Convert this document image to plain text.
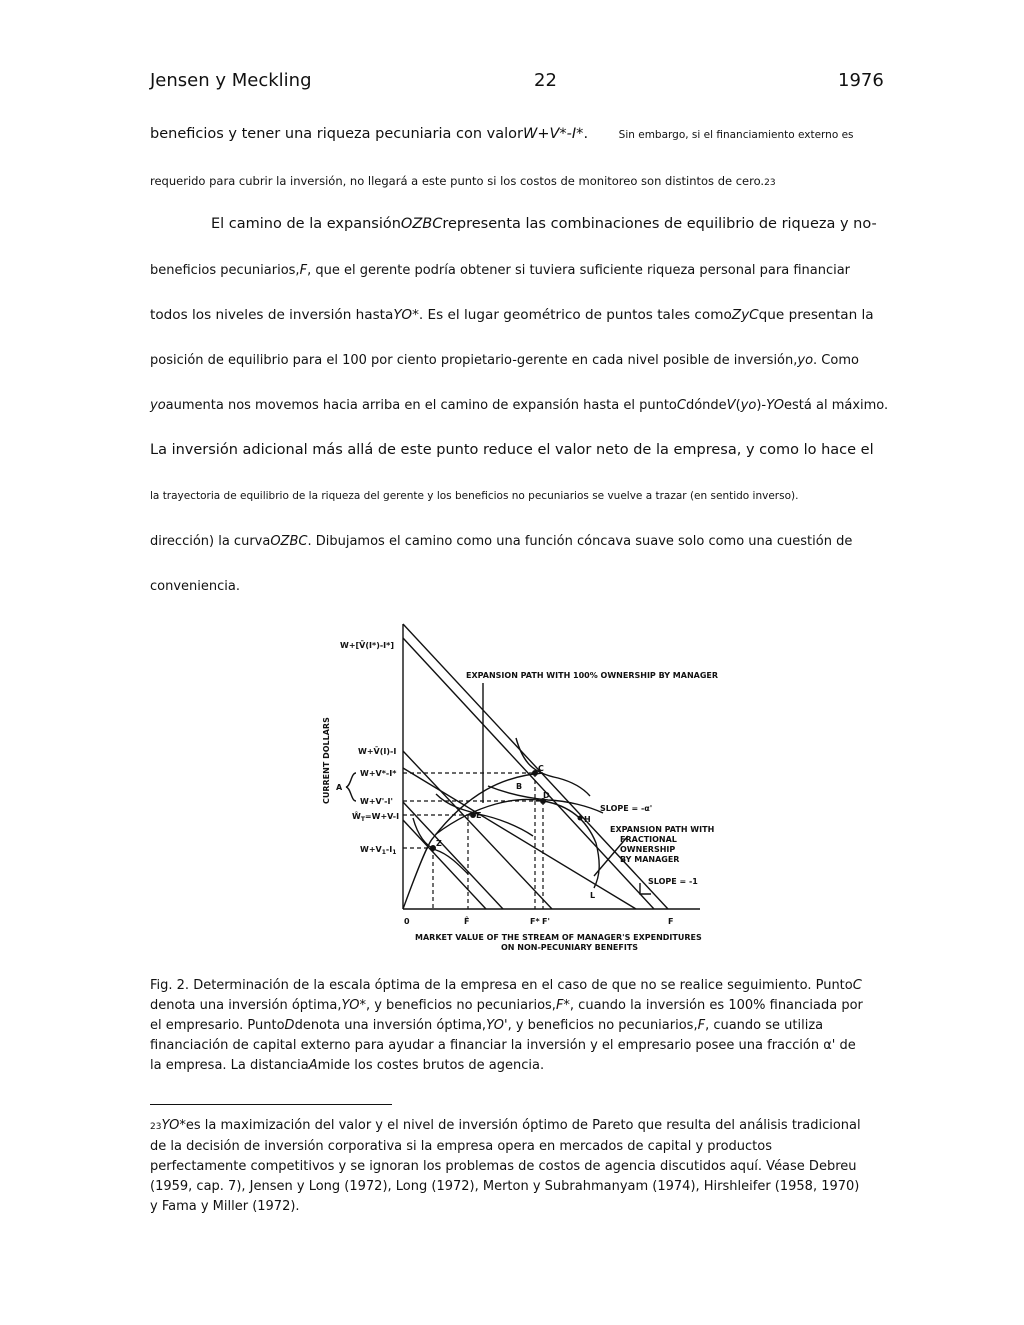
Jensen y Meckling	22	1976
beneficios y tener una riqueza pecuniaria con valorW+V*-I*.	Sin embargo, si el financiamiento externo es
requerido para cubrir la inversión, no llegará a este punto si los costos de monitoreo son distintos de cero.23
El camino de la expansiónOZBCrepresenta las combinaciones de equilibrio de riqueza y no-
beneficios pecuniarios,F, que el gerente podría obtener si tuviera suficiente riqueza personal para financiar
todos los niveles de inversión hastaYO*. Es el lugar geométrico de puntos tales comoZyCque presentan la
posición de equilibrio para el 100 por ciento propietario-gerente en cada nivel posible de inversión,yo. Como
yoaumenta nos movemos hacia arriba en el camino de expansión hasta el puntoCdóndeV(yo)-YOestá al máximo.
La inversión adicional más allá de este punto reduce el valor neto de la empresa, y como lo hace el
la trayectoria de equilibrio de la riqueza del gerente y los beneficios no pecuniarios se vuelve a trazar (en sentido inverso).
dirección) la curvaOZBC. Dibujamos el camino como una función cóncava suave solo como una cuestión de
conveniencia.
W+[V̄(I*)-I*]
W+V̄(I)-I
W+V*-I*
W+V'-I'
$Ŵ_T=W+V-I$
$W+V_1-I_1$
A
0	F̂	F* F'	F
C
B
D
E
Z
H
L
EXPANSION PATH WITH 100% OWNERSHIP BY MANAGER
SLOPE = -α'
EXPANSION PATH WITH
FRACTIONAL
OWNERSHIP
BY MANAGER
SLOPE = -1
MARKET VALUE OF THE STREAM OF MANAGER'S EXPENDITURES
ON NON-PECUNIARY BENEFITS
CURRENT DOLLARS
Fig. 2. Determinación de la escala óptima de la empresa en el caso de que no se realice seguimiento. PuntoC denota una inversión óptima,YO*, y beneficios no pecuniarios,F*, cuando la inversión es 100% financiada por el empresario. PuntoDdenota una inversión óptima,YO', y beneficios no pecuniarios,F, cuando se utiliza financiación de capital externo para ayudar a financiar la inversión y el empresario posee una fracción α' de la empresa. La distanciaAmide los costes brutos de agencia.
23YO*es la maximización del valor y el nivel de inversión óptimo de Pareto que resulta del análisis tradicional de la decisión de inversión corporativa si la empresa opera en mercados de capital y productos perfectamente competitivos y se ignoran los problemas de costos de agencia discutidos aquí. Véase Debreu (1959, cap. 7), Jensen y Long (1972), Long (1972), Merton y Subrahmanyam (1974), Hirshleifer (1958, 1970) y Fama y Miller (1972).
